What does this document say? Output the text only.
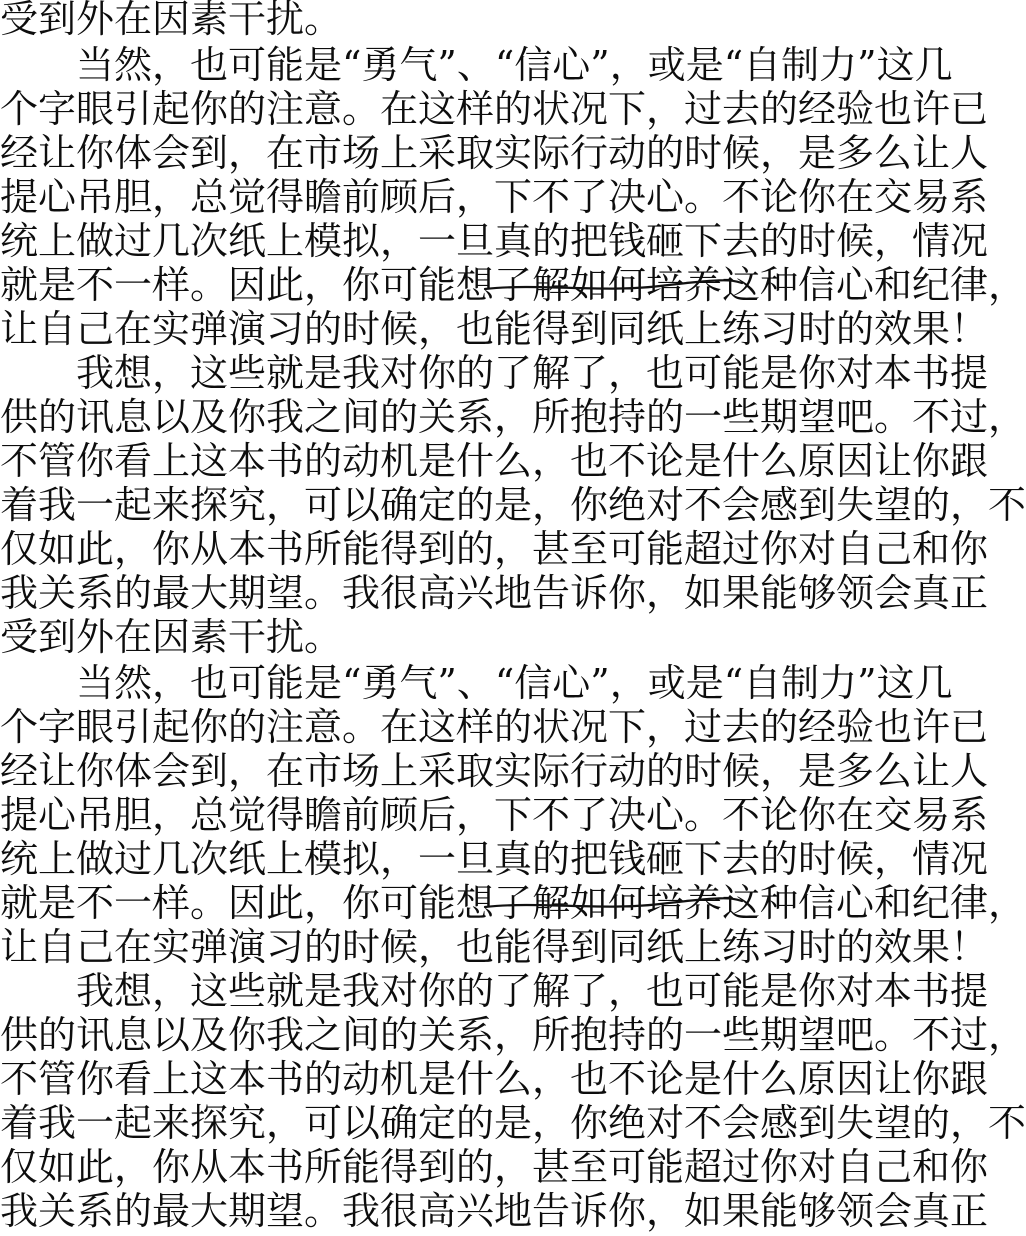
受到外在因素干扰。
　　当然，也可能是“勇气”、“信心”，或是“自制力”这几
个字眼引起你的注意。在这样的状况下，过去的经验也许已
经让你体会到，在市场上采取实际行动的时候，是多么让人
提心吊胆，总觉得瞻前顾后，下不了决心。不论你在交易系
统上做过几次纸上模拟，一旦真的把钱砸下去的时候，情况
就是不一样。因此，你可能想了解如何培养这种信心和纪律，
让自己在实弹演习的时候，也能得到同纸上练习时的效果！
　　我想，这些就是我对你的了解了，也可能是你对本书提
供的讯息以及你我之间的关系，所抱持的一些期望吧。不过，
不管你看上这本书的动机是什么，也不论是什么原因让你跟
着我一起来探究，可以确定的是，你绝对不会感到失望的，不
仅如此，你从本书所能得到的，甚至可能超过你对自己和你
我关系的最大期望。我很高兴地告诉你，如果能够领会真正
受到外在因素干扰。
　　当然，也可能是“勇气”、“信心”，或是“自制力”这几
个字眼引起你的注意。在这样的状况下，过去的经验也许已
经让你体会到，在市场上采取实际行动的时候，是多么让人
提心吊胆，总觉得瞻前顾后，下不了决心。不论你在交易系
统上做过几次纸上模拟，一旦真的把钱砸下去的时候，情况
就是不一样。因此，你可能想了解如何培养这种信心和纪律，
让自己在实弹演习的时候，也能得到同纸上练习时的效果！
　　我想，这些就是我对你的了解了，也可能是你对本书提
供的讯息以及你我之间的关系，所抱持的一些期望吧。不过，
不管你看上这本书的动机是什么，也不论是什么原因让你跟
着我一起来探究，可以确定的是，你绝对不会感到失望的，不
仅如此，你从本书所能得到的，甚至可能超过你对自己和你
我关系的最大期望。我很高兴地告诉你，如果能够领会真正
